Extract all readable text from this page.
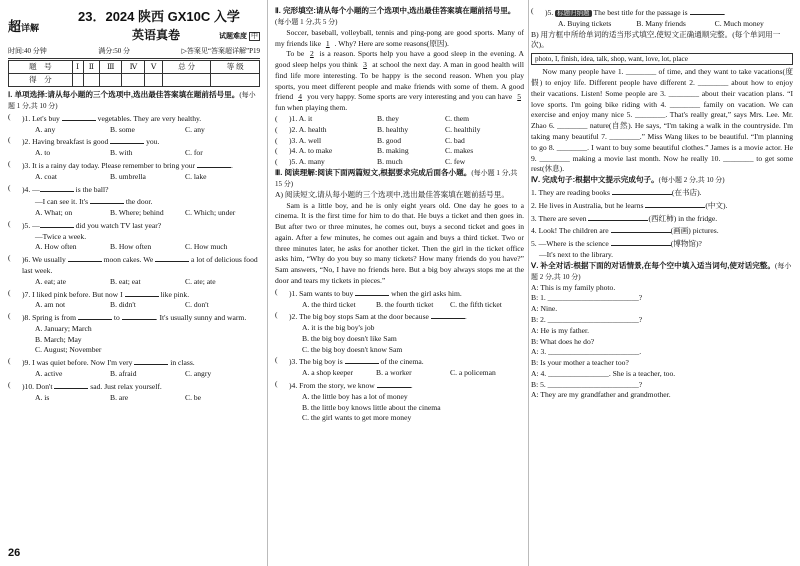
超详解
23．2024 陕西 GX10C 入学
英语真卷	试题难度 中
时间:40 分钟	满分:50 分	▷答案见“答案超详解”P19
题　号	Ⅰ	Ⅱ	Ⅲ	Ⅳ	Ⅴ	总 分	等 级
得　分							

Ⅰ. 单项选择:请从每小题的三个选项中,选出最佳答案填在题前括号里。(每小题 1 分,共 10 分)

(	)1. Let's buy	vegetables. They are very healthy.
A. any	B. some	C. any
(	)2. Having breakfast is good	you.
A. to	B. with	C. for
(	)3. It is a rainy day today. Please remember to bring your	.
A. coat	B. umbrella	C. lake
(	)4. —	is the ball?
—I can see it. It's	the door.
A. What; on	B. Where; behind	C. Which; under
(	)5. —	did you watch TV last year?
—Twice a week.
A. How often	B. How often	C. How much
(	)6. We usually	moon cakes. We	a lot of delicious food last week.
A. eat; ate	B. eat; eat	C. ate; ate
(	)7. I liked pink before. But now I	like pink.
A. am not	B. didn't	C. don't
(	)8. Spring is from	to	. It's usually sunny and warm.
A. January; March
B. March; May
C. August; November
(	)9. I was quiet before. Now I'm very	in class.
A. active	B. afraid	C. angry
(	)10. Don't	sad. Just relax yourself.
A. is	B. are	C. be
26

Ⅱ. 完形填空:请从每个小题的三个选项中,选出最佳答案填在题前括号里。(每小题 1 分,共 5 分)

Soccer, baseball, volleyball, tennis and ping-pong are good sports. Many of my friends like 1 . Why? Here are some reasons(原因).

To be 2 is a reason. Sports help you have a good sleep in the evening. A good sleep helps you think 3 at school the next day. A man in good health will find life more interesting. To be happy is the second reason. When you play sports, you meet different people and make friends with some of them. A good friend 4 you very happy. Some sports are very interesting and you can have 5 fun when playing them.

(	)1. A. it	B. they	C. them
(	)2. A. health	B. healthy	C. healthily
(	)3. A. well	B. good	C. bad
(	)4. A. to make	B. making	C. makes
(	)5. A. many	B. much	C. few

Ⅲ. 阅读理解:阅读下面两篇短文,根据要求完成后面各小题。(每小题 1 分,共 15 分)

A) 阅读短文,请从每小题的三个选项中,选出最佳答案填在题前括号里。

Sam is a little boy, and he is only eight years old. One day he goes to a cinema. It is the first time for him to do that. He buys a ticket and then goes in. But after two or three minutes, he comes out, buys a second ticket and goes in again. After a few minutes, he comes out again and buys a third ticket. Two or three minutes later, he asks for another ticket. Then the girl in the ticket office asks him, “Why do you buy so many tickets? How many friends do you have?” Sam answers, “No, I have no friends here. But a big boy always stops me at the door and tears my tickets in pieces.”

(	)1. Sam wants to buy	when the girl asks him.
A. the third ticket	B. the fourth ticket	C. the fifth ticket
(	)2. The big boy stops Sam at the door because	.
A. it is the big boy's job
B. the big boy doesn't like Sam
C. the big boy doesn't know Sam
(	)3. The big boy is	of the cinema.
A. a shop keeper	B. a worker	C. a policeman
(	)4. From the story, we know	.
A. the little boy has a lot of money
B. the little boy knows little about the cinema
C. the girl wants to get more money
(	)5. 标题归纳题 The best title for the passage is	.
A. Buying tickets	B. Many friends	C. Much money

B) 用方框中所给单词的适当形式填空,使短文正确通顺完整。(每个单词用一次)。

photo, I, finish, idea, talk, shop, want, love, lot, place

Now many people have 1. ________ of time, and they want to take vacations(度假) to enjoy life. Different people have different 2. ________ about how to enjoy their vacations. Listen! Some people are 3. ________ about their vacation plans. “I love sports. I'm going bike riding with 4. ________ family on vacation. We can exercise and enjoy many nice 5. ________. That's really great,” says Mrs. Lee. Mr. Zhao 6. ________ nature(自然). He says, “I'm taking a walk in the countryside. I'm taking many beautiful 7. ________.” Miss Wang likes to be beautiful. “I'm planning to go 8. ________. I want to buy some beautiful clothes.” James is a movie actor. He 9. ________ making a movie last month. Now he really 10. ________ to get some rest(休息).

Ⅳ. 完成句子:根据中文提示完成句子。(每小题 2 分,共 10 分)

1. They are reading books	(在书店).
2. He lives in Australia, but he learns	(中文).
3. There are seven	(西红柿) in the fridge.
4. Look! The children are	(画画) pictures.
5. —Where is the science	(博物馆)?
—It's next to the library.

Ⅴ. 补全对话:根据下面的对话情景,在每个空中填入适当词句,使对话完整。(每小题 2 分,共 10 分)

A: This is my family photo.
B: 1. ________________________?
A: Nine.
B: 2. ________________________?
A: He is my father.
B: What does he do?
A: 3. ________________________.
B: Is your mother a teacher too?
A: 4. ________________. She is a teacher, too.
B: 5. ________________________?
A: They are my grandfather and grandmother.
